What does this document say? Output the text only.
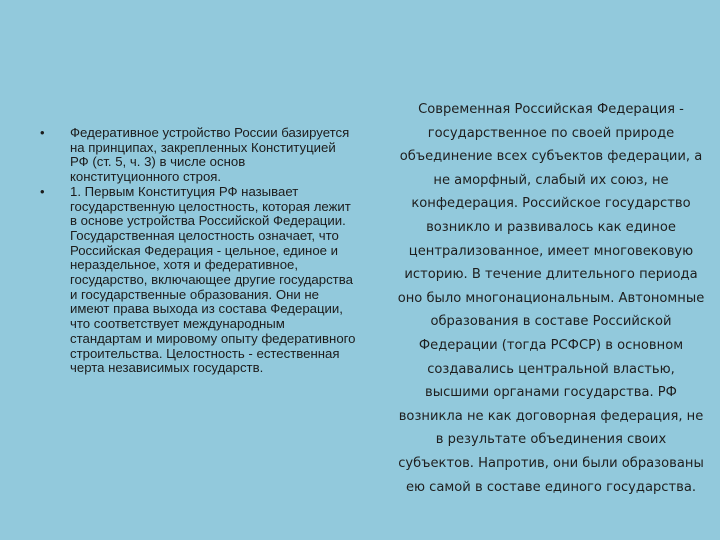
•	Федеративное устройство России базируется на принципах, закрепленных Конституцией РФ (ст. 5, ч. 3) в числе основ конституционного строя.
•	1. Первым Конституция РФ называет государственную целостность, которая лежит в основе устройства Российской Федерации. Государственная целостность означает, что Российская Федерация - цельное, единое и нераздельное, хотя и федеративное, государство, включающее другие государства и государственные образования. Они не имеют права выхода из состава Федерации, что соответствует международным стандартам и мировому опыту федеративного строительства. Целостность - естественная черта независимых государств.
Современная Российская Федерация - государственное по своей природе объединение всех субъектов федерации, а не аморфный, слабый их союз, не конфедерация. Российское государство возникло и развивалось как единое централизованное, имеет многовековую историю. В течение длительного периода оно было многонациональным. Автономные образования в составе Российской Федерации (тогда РСФСР) в основном создавались центральной властью, высшими органами государства. РФ возникла не как договорная федерация, не в результате объединения своих субъектов. Напротив, они были образованы ею самой в составе единого государства.
